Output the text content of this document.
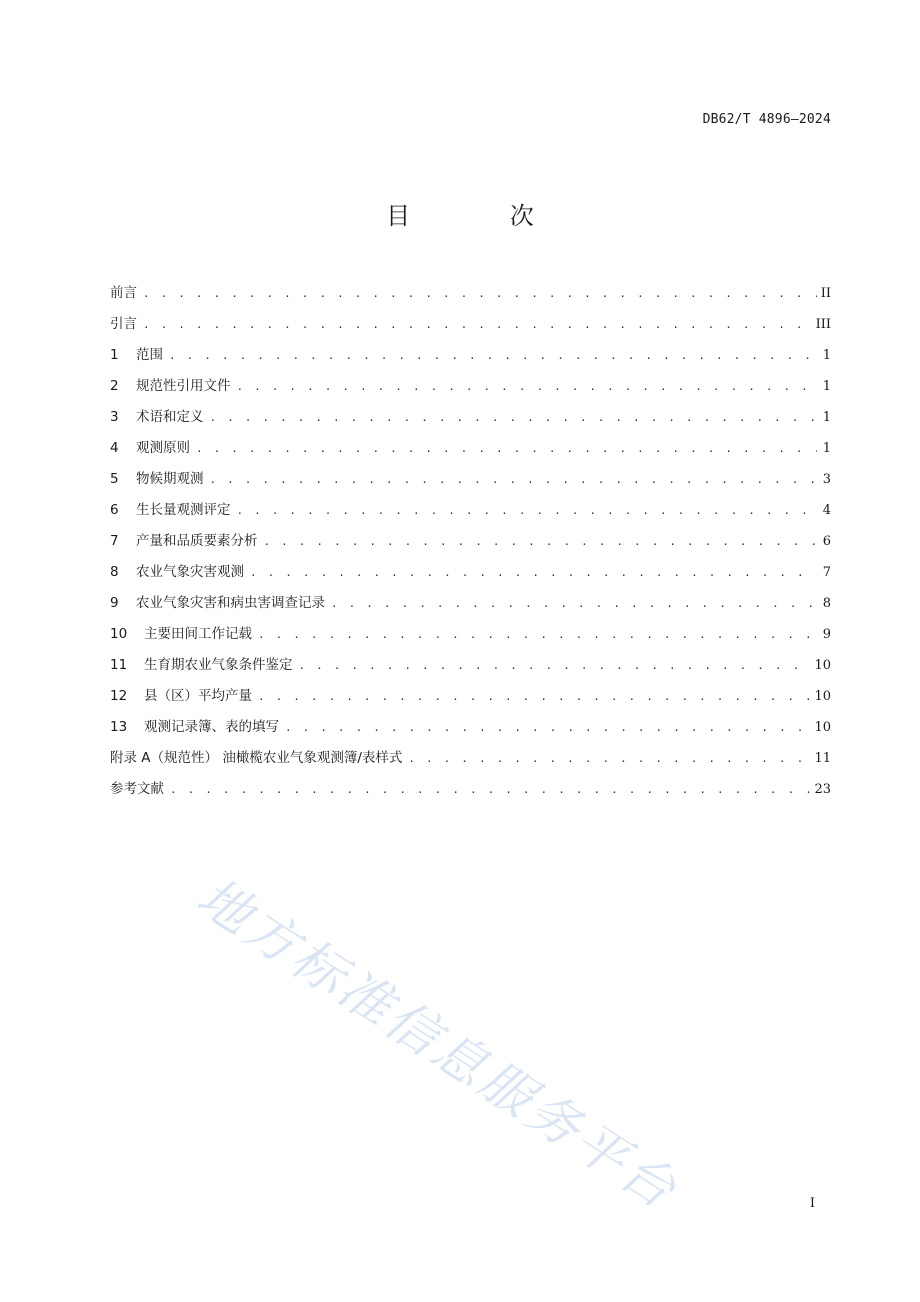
DB62/T 4896—2024
目 次
前言 . . .	II
引言 . . .	III
1	范围 . . .	1
2	规范性引用文件 . . .	1
3	术语和定义 . . .	1
4	观测原则 . . .	1
5	物候期观测 . . .	3
6	生长量观测评定 . . .	4
7	产量和品质要素分析 . . .	6
8	农业气象灾害观测 . . .	7
9	农业气象灾害和病虫害调查记录 . . .	8
10	主要田间工作记载 . . .	9
11	生育期农业气象条件鉴定 . . .	10
12	县（区）平均产量 . . .	10
13	观测记录簿、表的填写 . . .	10
附录 A（规范性） 油橄榄农业气象观测簿/表样式 . . .	11
参考文献 . . .	23
I
地方标准信息服务平台
